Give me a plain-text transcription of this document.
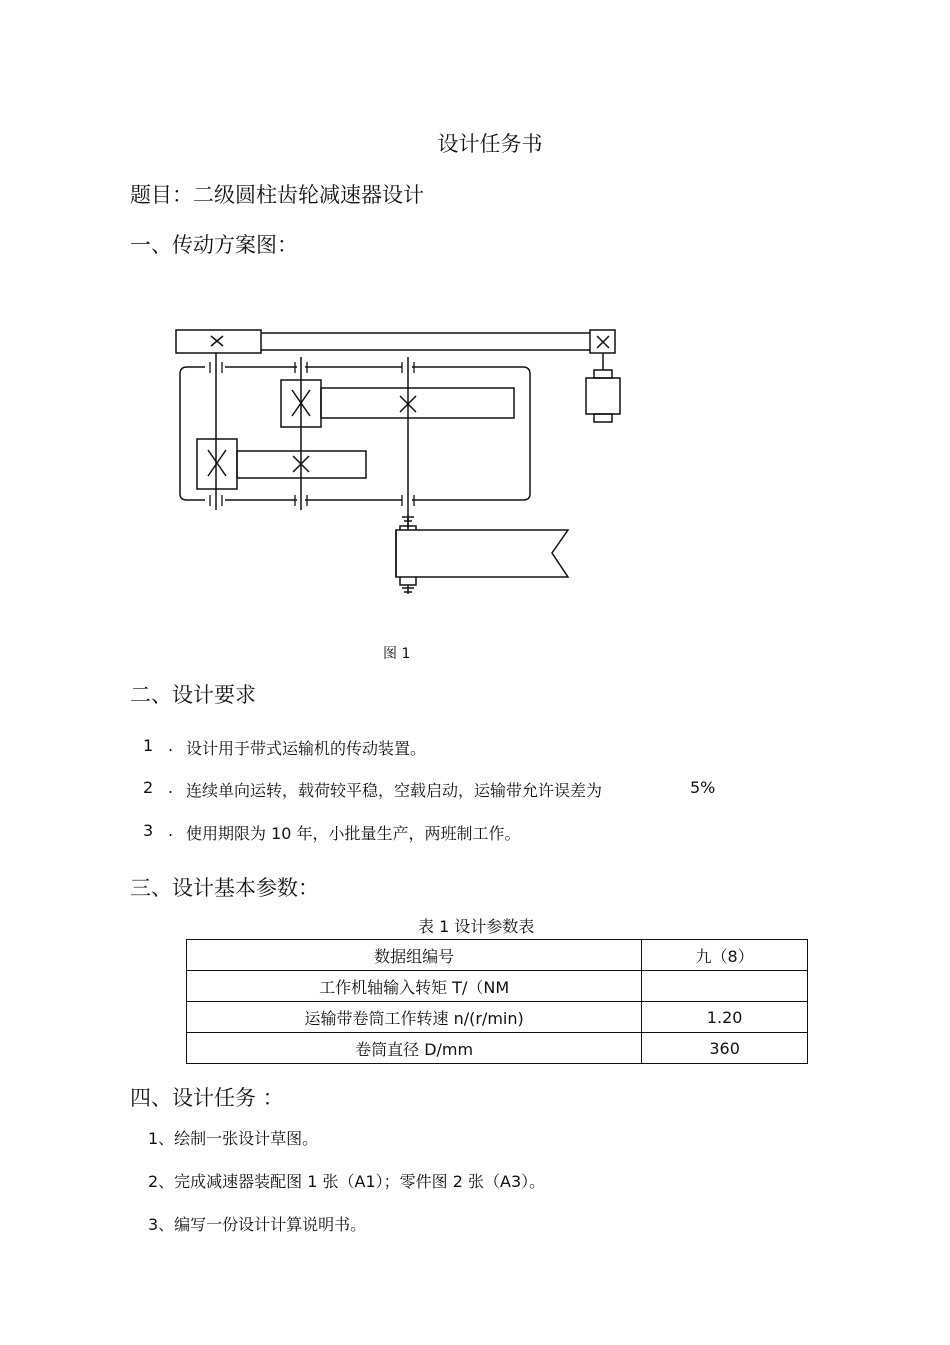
设计任务书
题目：二级圆柱齿轮减速器设计
一、传动方案图：
图 1
二、设计要求
1 . 设计用于带式运输机的传动装置。
2 . 连续单向运转，载荷较平稳，空载启动，运输带允许误差为	5%
3 . 使用期限为 10 年，小批量生产，两班制工作。
三、设计基本参数：
表 1 设计参数表
数据组编号	九（8）
工作机轴输入转矩 T/（NM	
运输带卷筒工作转速 n/(r/min)	1.20
卷筒直径 D/mm	360
四、设计任务 ：
1、绘制一张设计草图。
2、完成减速器装配图 1 张（A1）；零件图 2 张（A3）。
3、编写一份设计计算说明书。
